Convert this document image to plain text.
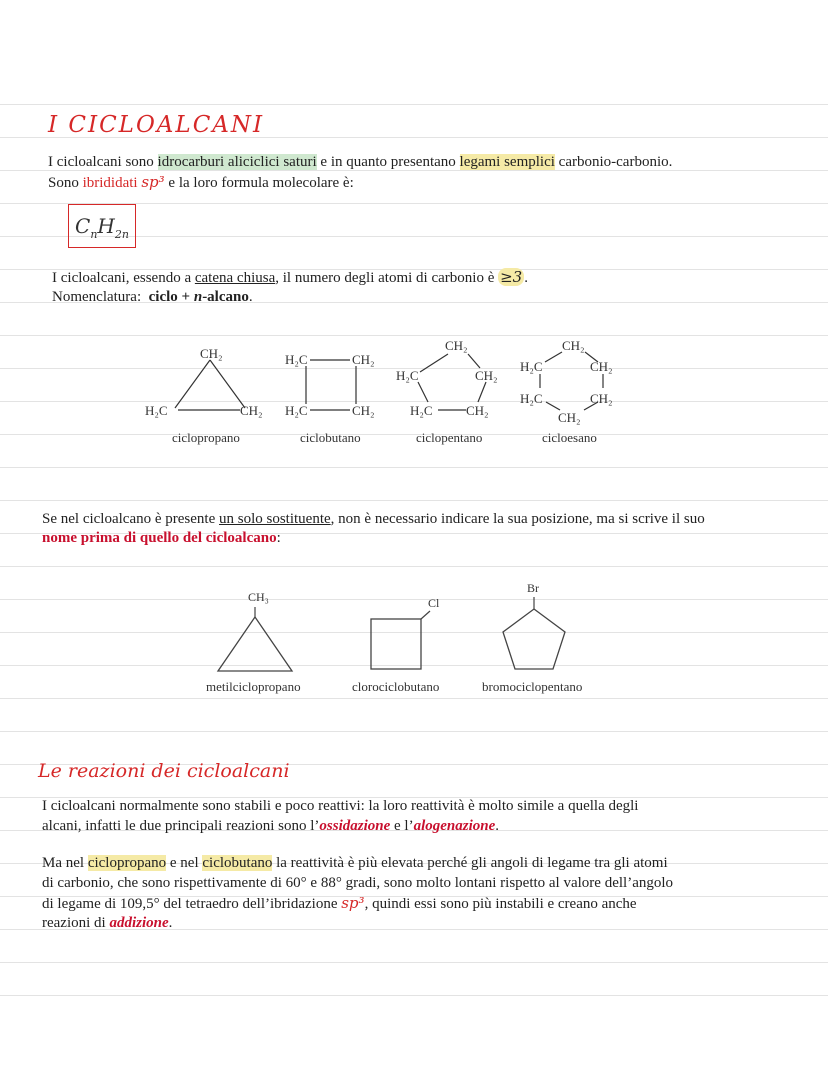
I CICLOALCANI
I cicloalcani sono idrocarburi aliciclici saturi e in quanto presentano legami semplici carbonio-carbonio.
Sono ibrididati sp³ e la loro formula molecolare è:
$C_nH_{2n}$
I cicloalcani, essendo a catena chiusa, il numero degli atomi di carbonio è ≥3 .
Nomenclatura: ciclo + n-alcano.
CH₂
H₂C	CH₂
H₂C	CH₂
H₂C	CH₂
CH₂
H₂C	CH₂
H₂C	CH₂
CH₂
H₂C	CH₂
H₂C	CH₂
CH₂
ciclopropano	ciclobutano	ciclopentano	cicloesano
Se nel cicloalcano è presente un solo sostituente, non è necessario indicare la sua posizione, ma si scrive il suo
nome prima di quello del cicloalcano:
CH₃	Cl
Br
metilciclopropano	clorociclobutano	bromociclopentano
Le reazioni dei cicloalcani
I cicloalcani normalmente sono stabili e poco reattivi: la loro reattività è molto simile a quella degli
alcani, infatti le due principali reazioni sono l’ossidazione e l’alogenazione.
Ma nel ciclopropano e nel ciclobutano la reattività è più elevata perché gli angoli di legame tra gli atomi
di carbonio, che sono rispettivamente di 60° e 88° gradi, sono molto lontani rispetto al valore dell’angolo
di legame di 109,5° del tetraedro dell’ibridazione sp³, quindi essi sono più instabili e creano anche
reazioni di addizione.
